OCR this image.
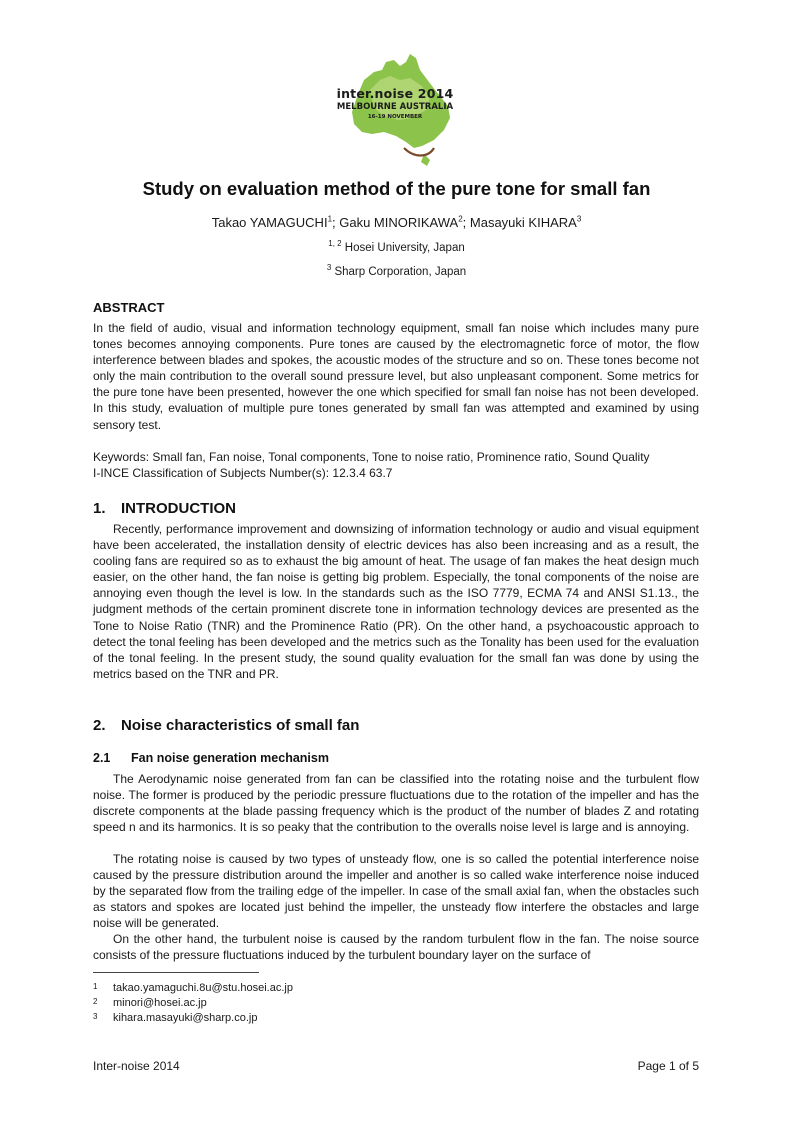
inter.noise 2014
MELBOURNE AUSTRALIA
16-19 NOVEMBER
Study on evaluation method of the pure tone for small fan
Takao YAMAGUCHI$^1$; Gaku MINORIKAWA$^2$; Masayuki KIHARA$^3$
$^{1, 2}$ Hosei University, Japan
$^3$ Sharp Corporation, Japan
ABSTRACT

In the field of audio, visual and information technology equipment, small fan noise which includes many pure tones becomes annoying components. Pure tones are caused by the electromagnetic force of motor, the flow interference between blades and spokes, the acoustic modes of the structure and so on. These tones become not only the main contribution to the overall sound pressure level, but also unpleasant component. Some metrics for the pure tone have been presented, however the one which specified for small fan noise has not been developed. In this study, evaluation of multiple pure tones generated by small fan was attempted and examined by using sensory test.

Keywords: Small fan, Fan noise, Tonal components, Tone to noise ratio, Prominence ratio, Sound Quality
I-INCE Classification of Subjects Number(s): 12.3.4 63.7
1. INTRODUCTION

Recently, performance improvement and downsizing of information technology or audio and visual equipment have been accelerated, the installation density of electric devices has also been increasing and as a result, the cooling fans are required so as to exhaust the big amount of heat. The usage of fan makes the heat design much easier, on the other hand, the fan noise is getting big problem. Especially, the tonal components of the noise are annoying even though the level is low. In the standards such as the ISO 7779, ECMA 74 and ANSI S1.13., the judgment methods of the certain prominent discrete tone in information technology devices are presented as the Tone to Noise Ratio (TNR) and the Prominence Ratio (PR). On the other hand, a psychoacoustic approach to detect the tonal feeling has been developed and the metrics such as the Tonality has been used for the evaluation of the tonal feeling. In the present study, the sound quality evaluation for the small fan was done by using the metrics based on the TNR and PR.

2. Noise characteristics of small fan
2.1 Fan noise generation mechanism

The Aerodynamic noise generated from fan can be classified into the rotating noise and the turbulent flow noise. The former is produced by the periodic pressure fluctuations due to the rotation of the impeller and has the discrete components at the blade passing frequency which is the product of the number of blades Z and rotating speed n and its harmonics. It is so peaky that the contribution to the overalls noise level is large and is annoying.

The rotating noise is caused by two types of unsteady flow, one is so called the potential interference noise caused by the pressure distribution around the impeller and another is so called wake interference noise induced by the separated flow from the trailing edge of the impeller. In case of the small axial fan, when the obstacles such as stators and spokes are located just behind the impeller, the unsteady flow interfere the obstacles and large noise will be generated.

On the other hand, the turbulent noise is caused by the random turbulent flow in the fan. The noise source consists of the pressure fluctuations induced by the turbulent boundary layer on the surface of

1 takao.yamaguchi.8u@stu.hosei.ac.jp
2 minori@hosei.ac.jp
3 kihara.masayuki@sharp.co.jp
Inter-noise 2014	Page 1 of 5
